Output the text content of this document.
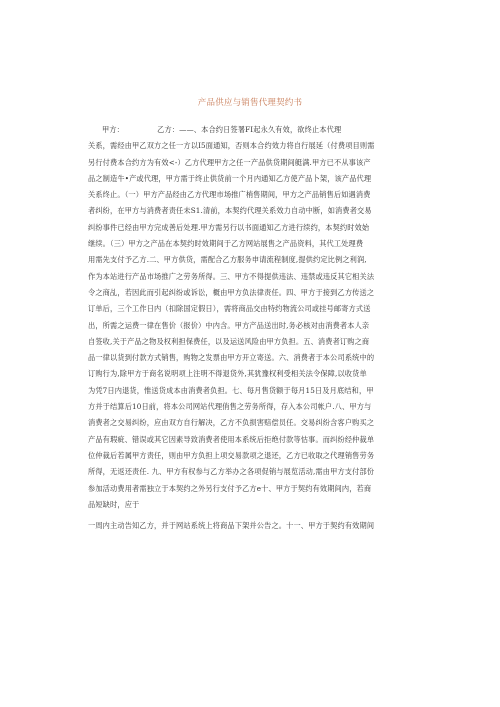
产品供应与销售代理契约书
甲方：　　　　　乙方：——、本合约日签署FI起永久有效，欲终止本代理
关系，需经由甲乙双方之任一方以I5面通知，否则本合约效力将自行展延（付费项目则需
另行付费本合约方为有效<-）乙方代理甲方之任一产品供货期间艇满.甲方已不从事该产
品之制造牛•产或代理，甲方需于终止供货前一个月内通知乙方使产品卜架，该产品代理
关系终止。（一）甲方产品经由乙方代理市场推广梢售期间，甲方之产品销售后如遇消费
者纠纷，在甲方与消费者责任未S1.清前，本契约代理关系效力自动中断，如消费者交易
纠纷事件已经由甲方完成善后处理.甲方需另行以书面通知乙方进行续约，本契约时效始
继续。（三）甲方之产品在本契约时效期间于乙方网站展售之产品资料，其代工处理费
用需先支付予乙方.二、甲方供货，需配合乙方服务申请流程制度,提供约定比例之利润,
作为本站进行产品市场推广之劳务所得。三、甲方不得提供违法、违禁或违反其它相关法
令之商乩，若因此而引起纠纷或诉讼，概由甲方负法律责任。四、甲方于接到乙方传送之
订单后，三个工作日内（扣除国定假日），需将商品交由特约物流公司或挂号邮寄方式送
出，所需之运费一律在售价（报价）中内含。甲方产品送出时,务必核对由消费者本人亲
自签收,关于产品之物及权利担保费任，以及运送风险由甲方负担。五、消费者订购之商
品一律以货到付款方式销售，购物之发票由甲方开立寄送。六、消费者于本公司系统中的
订购行为,除甲方于商名说明项上注明不得退货外,其犹豫权利受相关法令保障,以收货单
为凭7日内退货，惟送货成本由消费者负担。七、每月售货额于每月15日及月底结和，甲
方并于结算后10日前，将本公司网站代理俏售之劳务所得，存入本公司帐户.八、甲方与
消费者之交易纠纷，应由双方自行解决，乙方不负损害赔偿员任。交易纠纷含客户购买之
产品有瑕疵、错误或其它因素导致消费者使用本系统后拒绝付款等怙事。而纠纷经仲裁单
位仲裁后若属甲方责任，则由甲方负担上项交易款项之退还，乙方已收取之代理销售劳务
所得，无返还责任. 九、甲方有权参与乙方举办之各项促销与展览活动,需由甲方支付部份
参加活动费用者需独立于本契约之外另行支付予乙方e十、甲方于契约有效期间内，若商
品短缺时，应于
一周内主动告知乙方，并于网站系统上将商品下架并公告之。十一、甲方于契约有效期间
